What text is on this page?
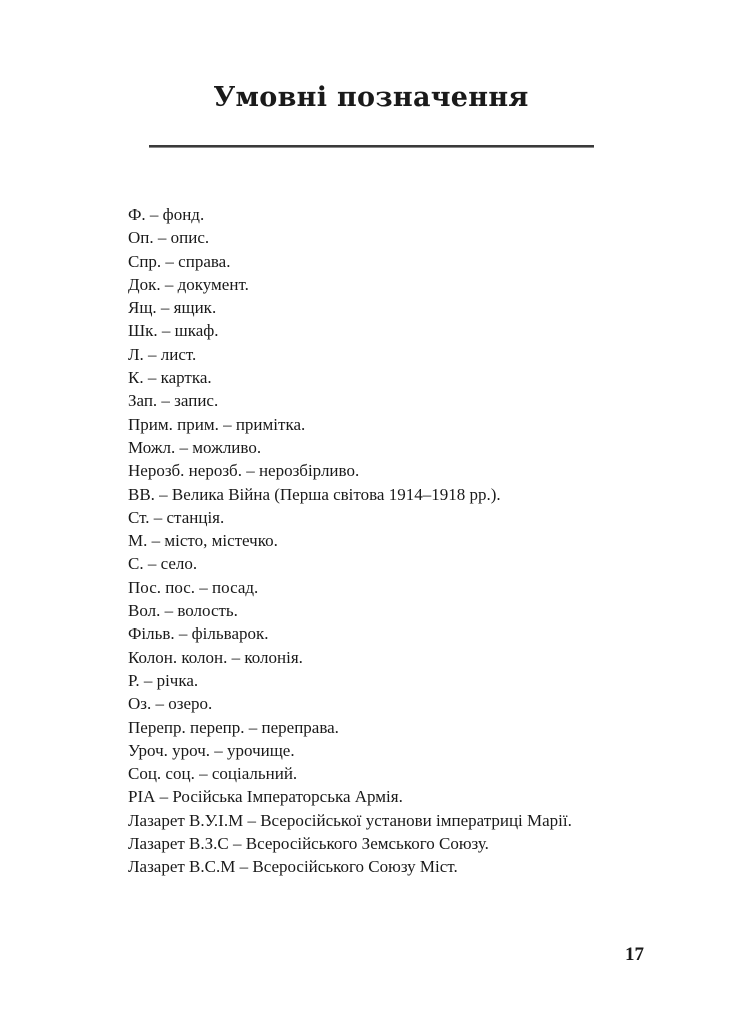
Умовні позначення
Ф. – фонд.
Оп. – опис.
Спр. – справа.
Док. – документ.
Ящ. – ящик.
Шк. – шкаф.
Л. – лист.
К. – картка.
Зап. – запис.
Прим. прим. – примітка.
Можл. – можливо.
Нерозб. нерозб. – нерозбірливо.
ВВ. – Велика Війна (Перша світова 1914–1918 рр.).
Ст. – станція.
М. – місто, містечко.
С. – село.
Пос. пос. – посад.
Вол. – волость.
Фільв. – фільварок.
Колон. колон. – колонія.
Р. – річка.
Оз. – озеро.
Перепр. перепр. – переправа.
Уроч. уроч. – урочище.
Соц. соц. – соціальний.
РІА – Російська Імператорська Армія.
Лазарет В.У.І.М – Всеросійської установи імператриці Марії.
Лазарет В.З.С – Всеросійського Земського Союзу.
Лазарет В.С.М – Всеросійського Союзу Міст.
17
